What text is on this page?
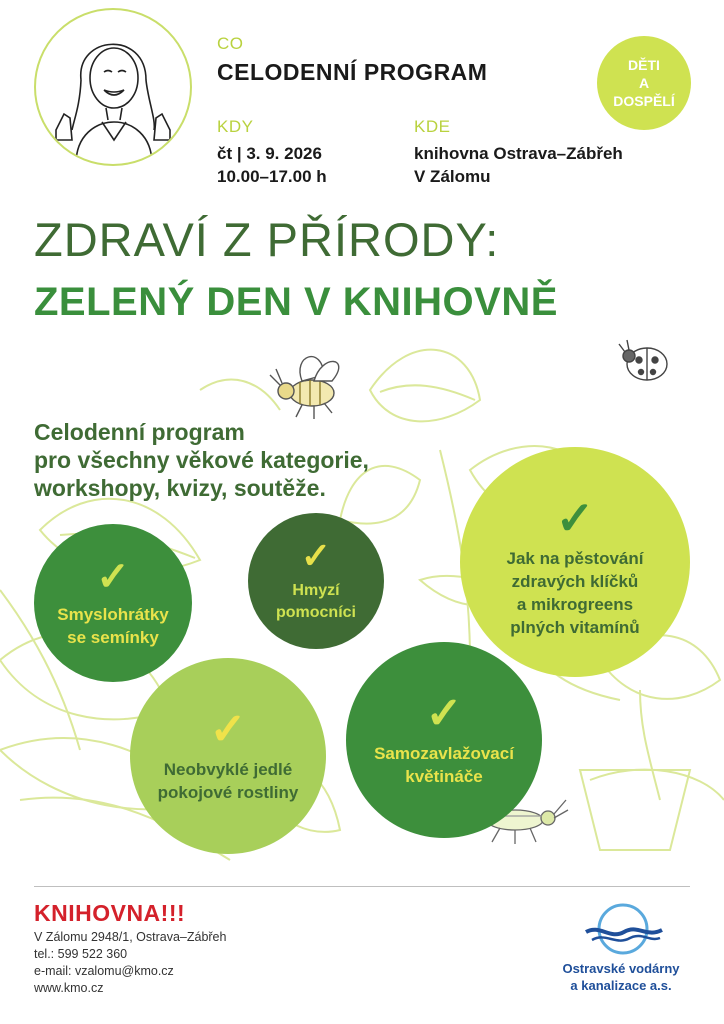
CO
CELODENNÍ PROGRAM
KDY
čt | 3. 9. 2026
10.00–17.00 h
KDE
knihovna Ostrava–Zábřeh
V Zálomu
DĚTI
A
DOSPĚLÍ
ZDRAVÍ Z PŘÍRODY:
ZELENÝ DEN V KNIHOVNĚ
Celodenní program
pro všechny věkové kategorie,
workshopy, kvizy, soutěže.
✓
Smyslohrátky
se semínky
✓
Hmyzí
pomocníci
✓
Jak na pěstování
zdravých klíčků
a mikrogreens
plných vitamínů
✓
Neobvyklé jedlé
pokojové rostliny
✓
Samozavlažovací
květináče
KNIHOVNA!!!
V Zálomu 2948/1, Ostrava–Zábřeh
tel.: 599 522 360
e-mail: vzalomu@kmo.cz
www.kmo.cz
Ostravské vodárny
a kanalizace a.s.
